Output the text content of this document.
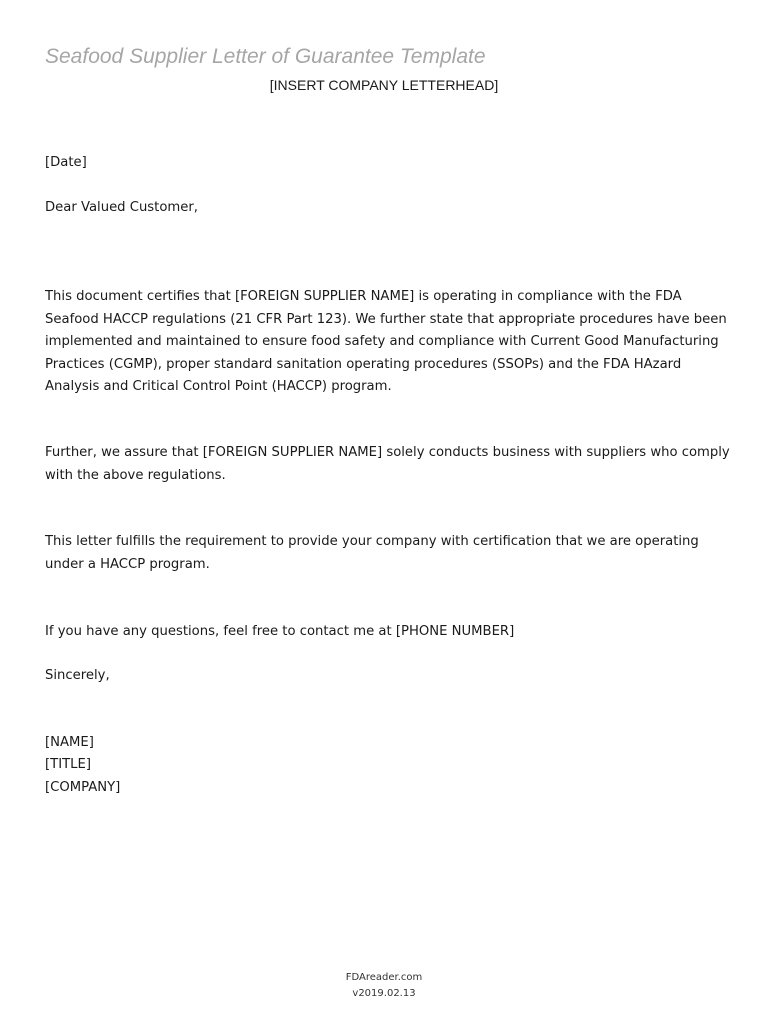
Seafood Supplier Letter of Guarantee Template
[INSERT COMPANY LETTERHEAD]
[Date]
Dear Valued Customer,
This document certifies that [FOREIGN SUPPLIER NAME] is operating in compliance with the FDA Seafood HACCP regulations (21 CFR Part 123). We further state that appropriate procedures have been implemented and maintained to ensure food safety and compliance with Current Good Manufacturing Practices (CGMP), proper standard sanitation operating procedures (SSOPs) and the FDA HAzard Analysis and Critical Control Point (HACCP) program.
Further, we assure that [FOREIGN SUPPLIER NAME] solely conducts business with suppliers who comply with the above regulations.
This letter fulfills the requirement to provide your company with certification that we are operating under a HACCP program.
If you have any questions, feel free to contact me at [PHONE NUMBER]
Sincerely,
[NAME]
[TITLE]
[COMPANY]
FDAreader.com
v2019.02.13
